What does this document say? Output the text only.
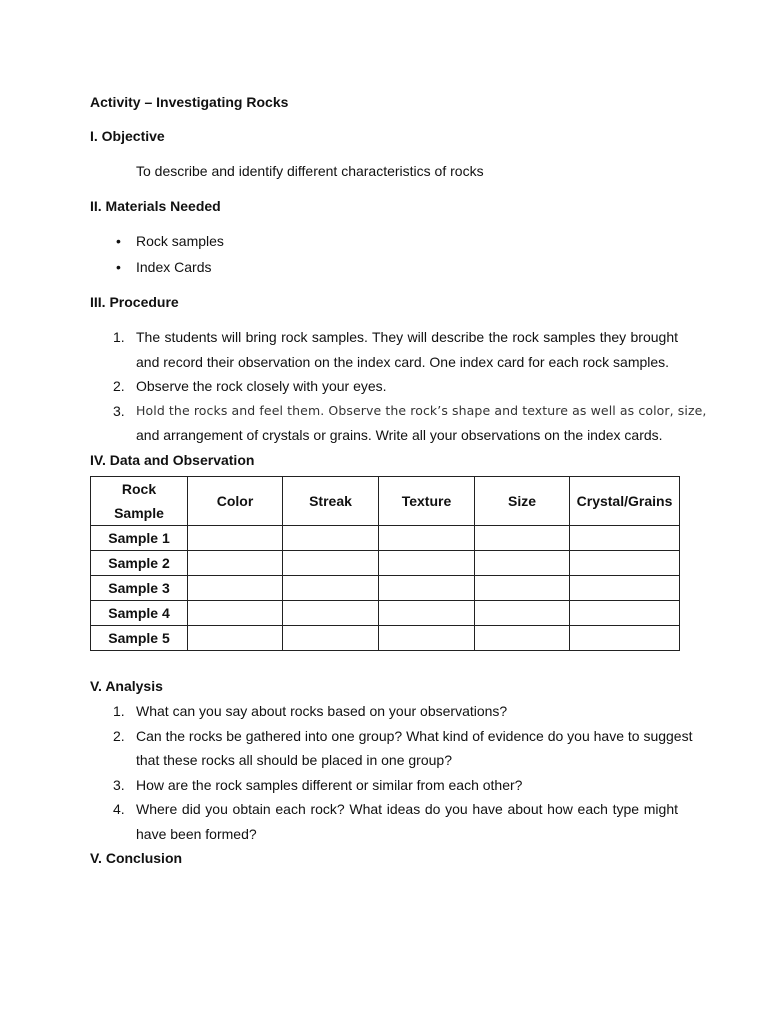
Activity – Investigating Rocks
I. Objective
To describe and identify different characteristics of rocks
II. Materials Needed
• Rock samples
• Index Cards
III. Procedure
1. The students will bring rock samples. They will describe the rock samples they brought
and record their observation on the index card. One index card for each rock samples.
2. Observe the rock closely with your eyes.
3. Hold the rocks and feel them. Observe the rock’s shape and texture as well as color, size,
and arrangement of crystals or grains. Write all your observations on the index cards.
IV. Data and Observation
Rock
Sample	Color	Streak	Texture	Size	Crystal/Grains
Sample 1					
Sample 2					
Sample 3					
Sample 4					
Sample 5					
V. Analysis
1. What can you say about rocks based on your observations?
2. Can the rocks be gathered into one group? What kind of evidence do you have to suggest
that these rocks all should be placed in one group?
3. How are the rock samples different or similar from each other?
4. Where did you obtain each rock? What ideas do you have about how each type might
have been formed?
V. Conclusion
